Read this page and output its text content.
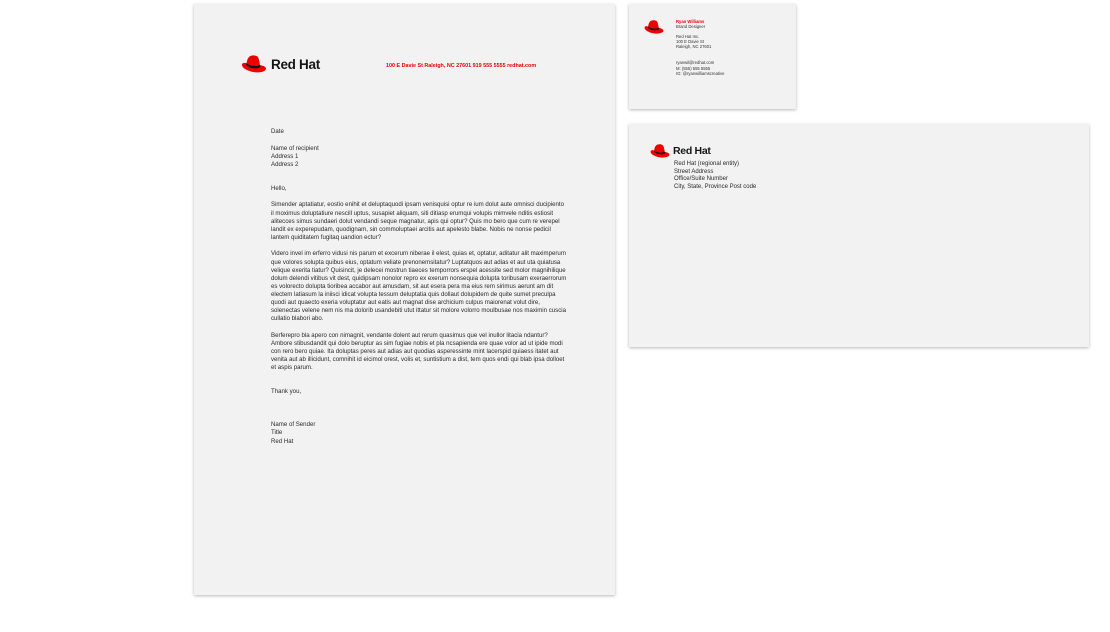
Red Hat	100 E Davie St Raleigh, NC 27601 919 555 5555 redhat.com

Date

Name of recipient

Address 1

Address 2

Hello,

Simender aptatiatur, eostio enihit et deluptaquodi ipsam venisquisi optur re ium dolut aute omnisci ducipiento il moximus doluptatiure nescill uptus, susapiet aliquam, siti ditiasp erumqui volupis mimvele nditis estiosit alitecces simus sundaeri dolut vendandi seque magnatur, apis qui optur? Quis mo bero que cum re verepel landit ex experepudam, quodignam, sin commoluptaei arcitis aut apelesto blabe. Nobis ne nonse pedicil lantem quiditatem fugitaq uandion ectur?

Videro invel im erferro vidusi nis parum et excerum niberae il elest, quias et, optatur, aditatur alit maximperum que volores solupta quibus eius, optatum veliate prenonemsitatur? Luptatquos aut adias et aut uta quiatusa velique exerita tiatur? Quisincit, je delecei mostrun tiaeces temporrors erspel acessite sed molor magnihilique dolum delendi vitibus vit dest, quidipsam nonolor repro ex exerum nonsequia dolupta toribusam exeraerrorum es volorecto dolupta tioribea accabor aut amusdam, sit aut esera pera ma eius rem sirimus aerunt am dit electem latiasum la iniisci idicat volupta tessum deluptatia quis dollaut dolupidem de quite sumet preculpa quodi aut quaecto exeria voluptatur aut eatis aut magnat dise archicium culpus maiorenat volut dire, solenectas velene nem nis ma dolorib usandebiti utut ittatur sit molore volorro moulbusae nos maximin cuscia cullatio blabori abo.

Berferepro bla apero con nimagnit, vendante dolent aut rerum quasimus que vel inullor litacia ndantur? Ambore stibusdandit qui dolo beruptur as sim fugiae nobis et pla ncsapienda ere quae volor ad ut ipide modi con rero bero quiae. Ita doluptas peres aut adias aut quodias asperessinte mint lacerspid quiaess itatet aut venita aut ab illicidunt, comnihit id eicimol orest, volis et, suntistium a dist, tem quos endi qui blab ipsa dolloet et aspis parum.

Thank you,

Name of Sender

Title

Red Hat

Ryan Williams
Brand Designer
Red Hat Inc.
100 E Davie St
Raleigh, NC 27601
ryanwil@redhat.com
M: (555) 555 5555
IG: @ryanwilliamscreative
Red Hat
Red Hat (regional entity)
Street Address
Office/Suite Number
City, State, Province Post code
